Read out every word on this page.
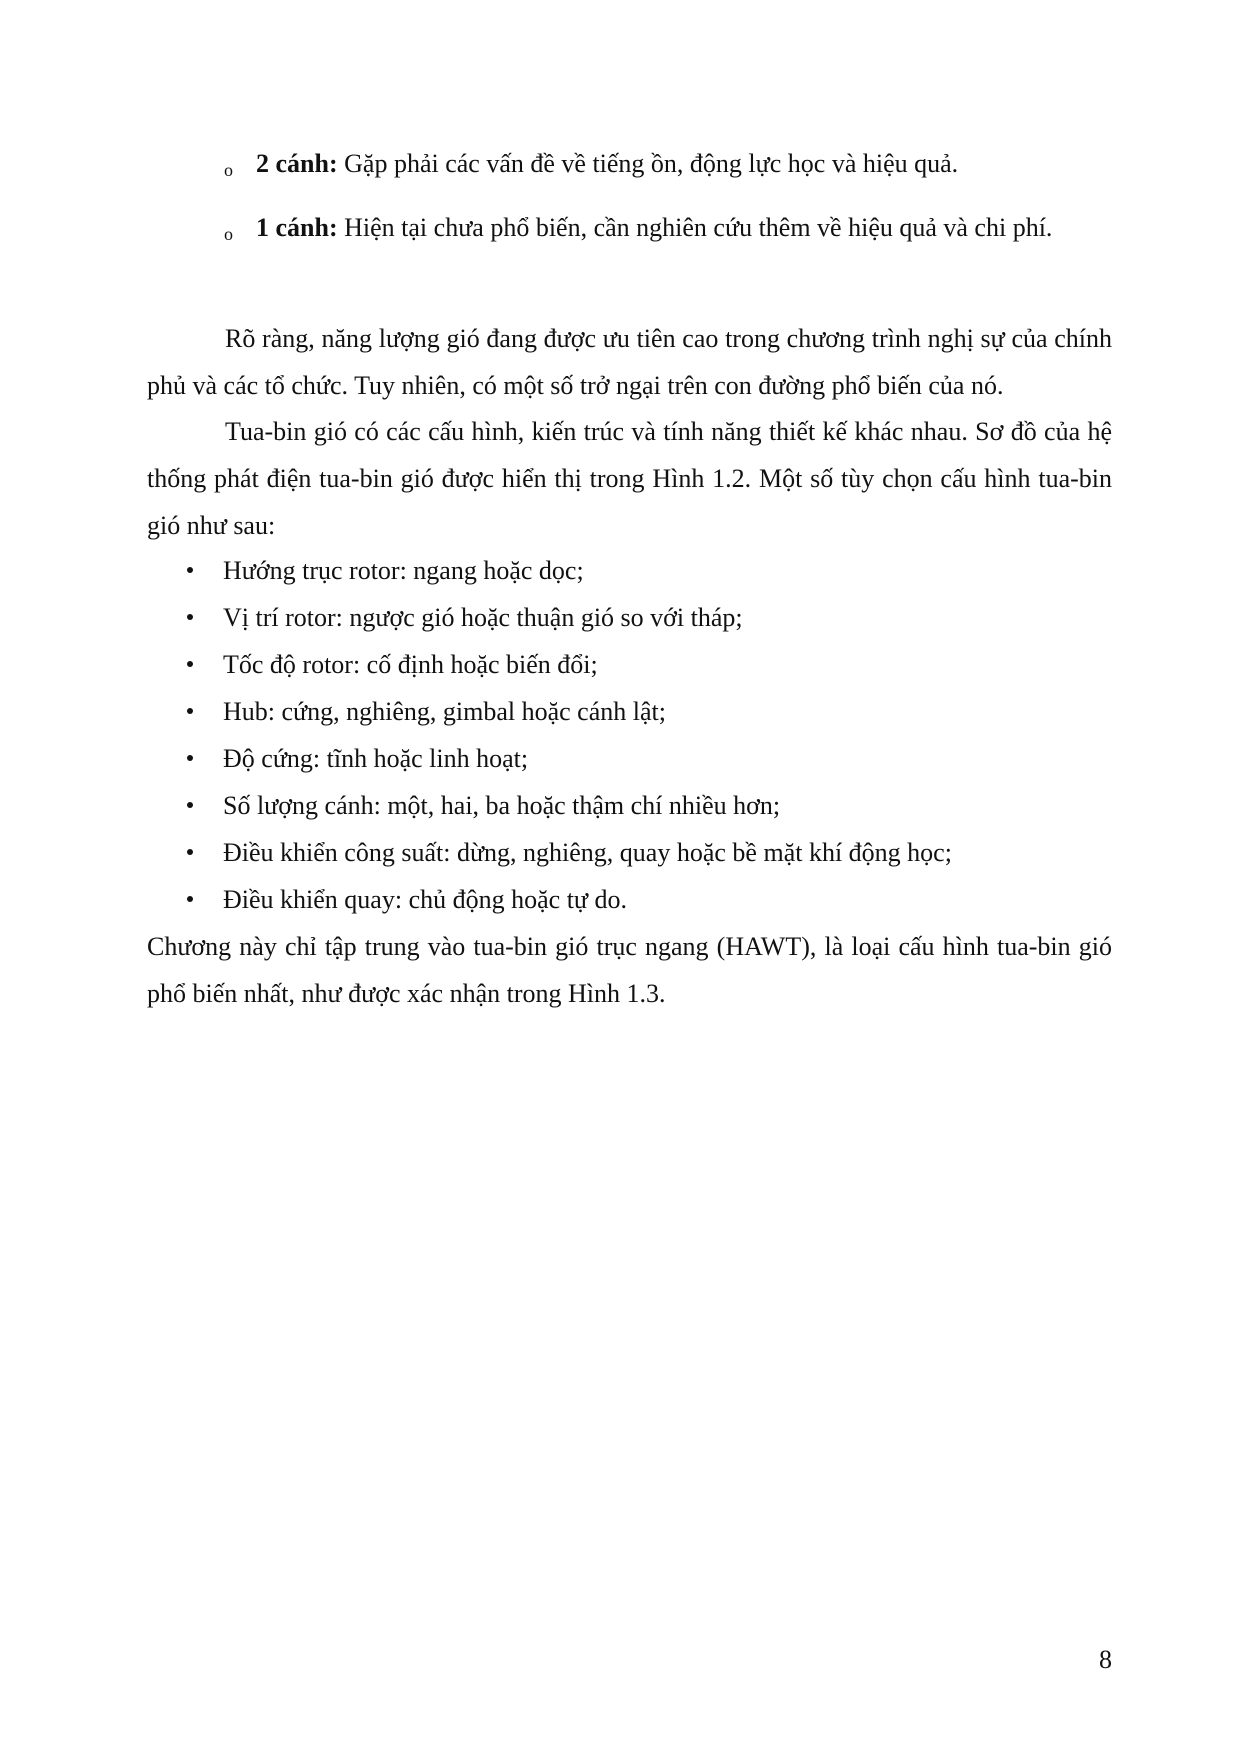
o 2 cánh: Gặp phải các vấn đề về tiếng ồn, động lực học và hiệu quả.
o 1 cánh: Hiện tại chưa phổ biến, cần nghiên cứu thêm về hiệu quả và chi phí.
Rõ ràng, năng lượng gió đang được ưu tiên cao trong chương trình nghị sự của chính phủ và các tổ chức. Tuy nhiên, có một số trở ngại trên con đường phổ biến của nó.
Tua-bin gió có các cấu hình, kiến trúc và tính năng thiết kế khác nhau. Sơ đồ của hệ thống phát điện tua-bin gió được hiển thị trong Hình 1.2. Một số tùy chọn cấu hình tua-bin gió như sau:
Hướng trục rotor: ngang hoặc dọc;
Vị trí rotor: ngược gió hoặc thuận gió so với tháp;
Tốc độ rotor: cố định hoặc biến đổi;
Hub: cứng, nghiêng, gimbal hoặc cánh lật;
Độ cứng: tĩnh hoặc linh hoạt;
Số lượng cánh: một, hai, ba hoặc thậm chí nhiều hơn;
Điều khiển công suất: dừng, nghiêng, quay hoặc bề mặt khí động học;
Điều khiển quay: chủ động hoặc tự do.
Chương này chỉ tập trung vào tua-bin gió trục ngang (HAWT), là loại cấu hình tua-bin gió phổ biến nhất, như được xác nhận trong Hình 1.3.
8
